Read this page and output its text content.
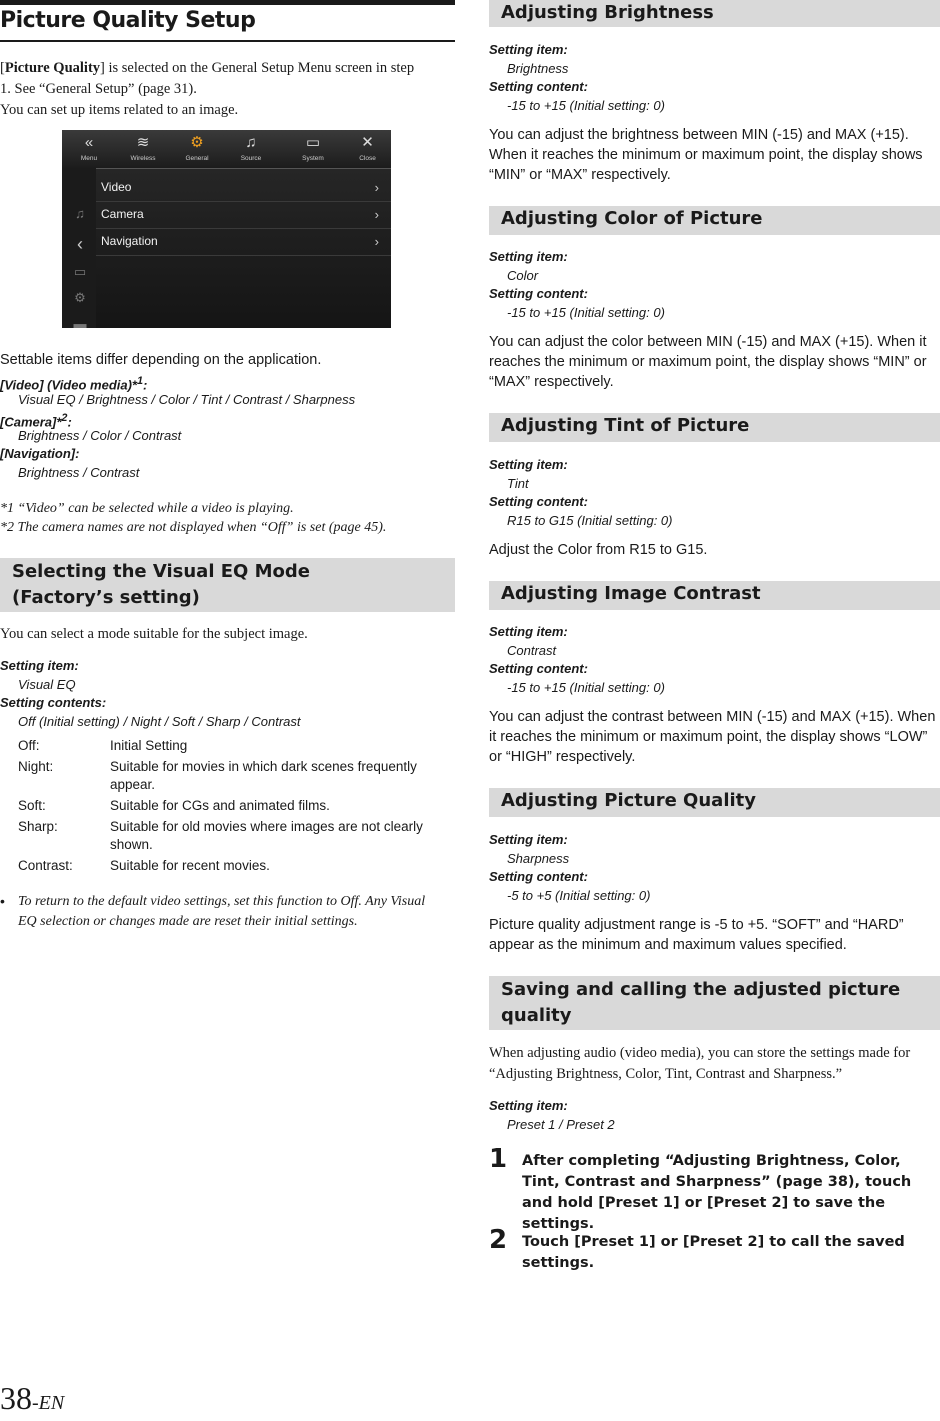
Picture Quality Setup
[Picture Quality] is selected on the General Setup Menu screen in step
1. See “General Setup” (page 31).
You can set up items related to an image.
«
Menu
≋
Wireless
⚙
General
♫
Source
▭
System
✕
Close
♫
‹
▭
⚙
▬
Video	›
Camera	›
Navigation	›
Settable items differ depending on the application.
[Video] (Video media)*$^1$:
Visual EQ / Brightness / Color / Tint / Contrast / Sharpness
[Camera]*$^2$:
Brightness / Color / Contrast
[Navigation]:
Brightness / Contrast
*1 “Video” can be selected while a video is playing.
*2 The camera names are not displayed when “Off” is set (page 45).
Selecting the Visual EQ Mode
(Factory’s setting)
You can select a mode suitable for the subject image.
Setting item:
Visual EQ
Setting contents:
Off (Initial setting) / Night / Soft / Sharp / Contrast
Off:	Initial Setting
Night:	Suitable for movies in which dark scenes frequently appear.
Soft:	Suitable for CGs and animated films.
Sharp:	Suitable for old movies where images are not clearly shown.
Contrast:	Suitable for recent movies.
• To return to the default video settings, set this function to Off. Any Visual EQ selection or changes made are reset their initial settings.
38-EN
Adjusting Brightness
Setting item:
Brightness
Setting content:
-15 to +15 (Initial setting: 0)
You can adjust the brightness between MIN (-15) and MAX (+15). When it reaches the minimum or maximum point, the display shows “MIN” or “MAX” respectively.
Adjusting Color of Picture
Setting item:
Color
Setting content:
-15 to +15 (Initial setting: 0)
You can adjust the color between MIN (-15) and MAX (+15). When it reaches the minimum or maximum point, the display shows “MIN” or “MAX” respectively.
Adjusting Tint of Picture
Setting item:
Tint
Setting content:
R15 to G15 (Initial setting: 0)
Adjust the Color from R15 to G15.
Adjusting Image Contrast
Setting item:
Contrast
Setting content:
-15 to +15 (Initial setting: 0)
You can adjust the contrast between MIN (-15) and MAX (+15). When it reaches the minimum or maximum point, the display shows “LOW” or “HIGH” respectively.
Adjusting Picture Quality
Setting item:
Sharpness
Setting content:
-5 to +5 (Initial setting: 0)
Picture quality adjustment range is -5 to +5. “SOFT” and “HARD” appear as the minimum and maximum values specified.
Saving and calling the adjusted picture
quality
When adjusting audio (video media), you can store the settings made for “Adjusting Brightness, Color, Tint, Contrast and Sharpness.”
Setting item:
Preset 1 / Preset 2
1 After completing “Adjusting Brightness, Color, Tint, Contrast and Sharpness” (page 38), touch and hold [Preset 1] or [Preset 2] to save the settings.
2 Touch [Preset 1] or [Preset 2] to call the saved settings.
